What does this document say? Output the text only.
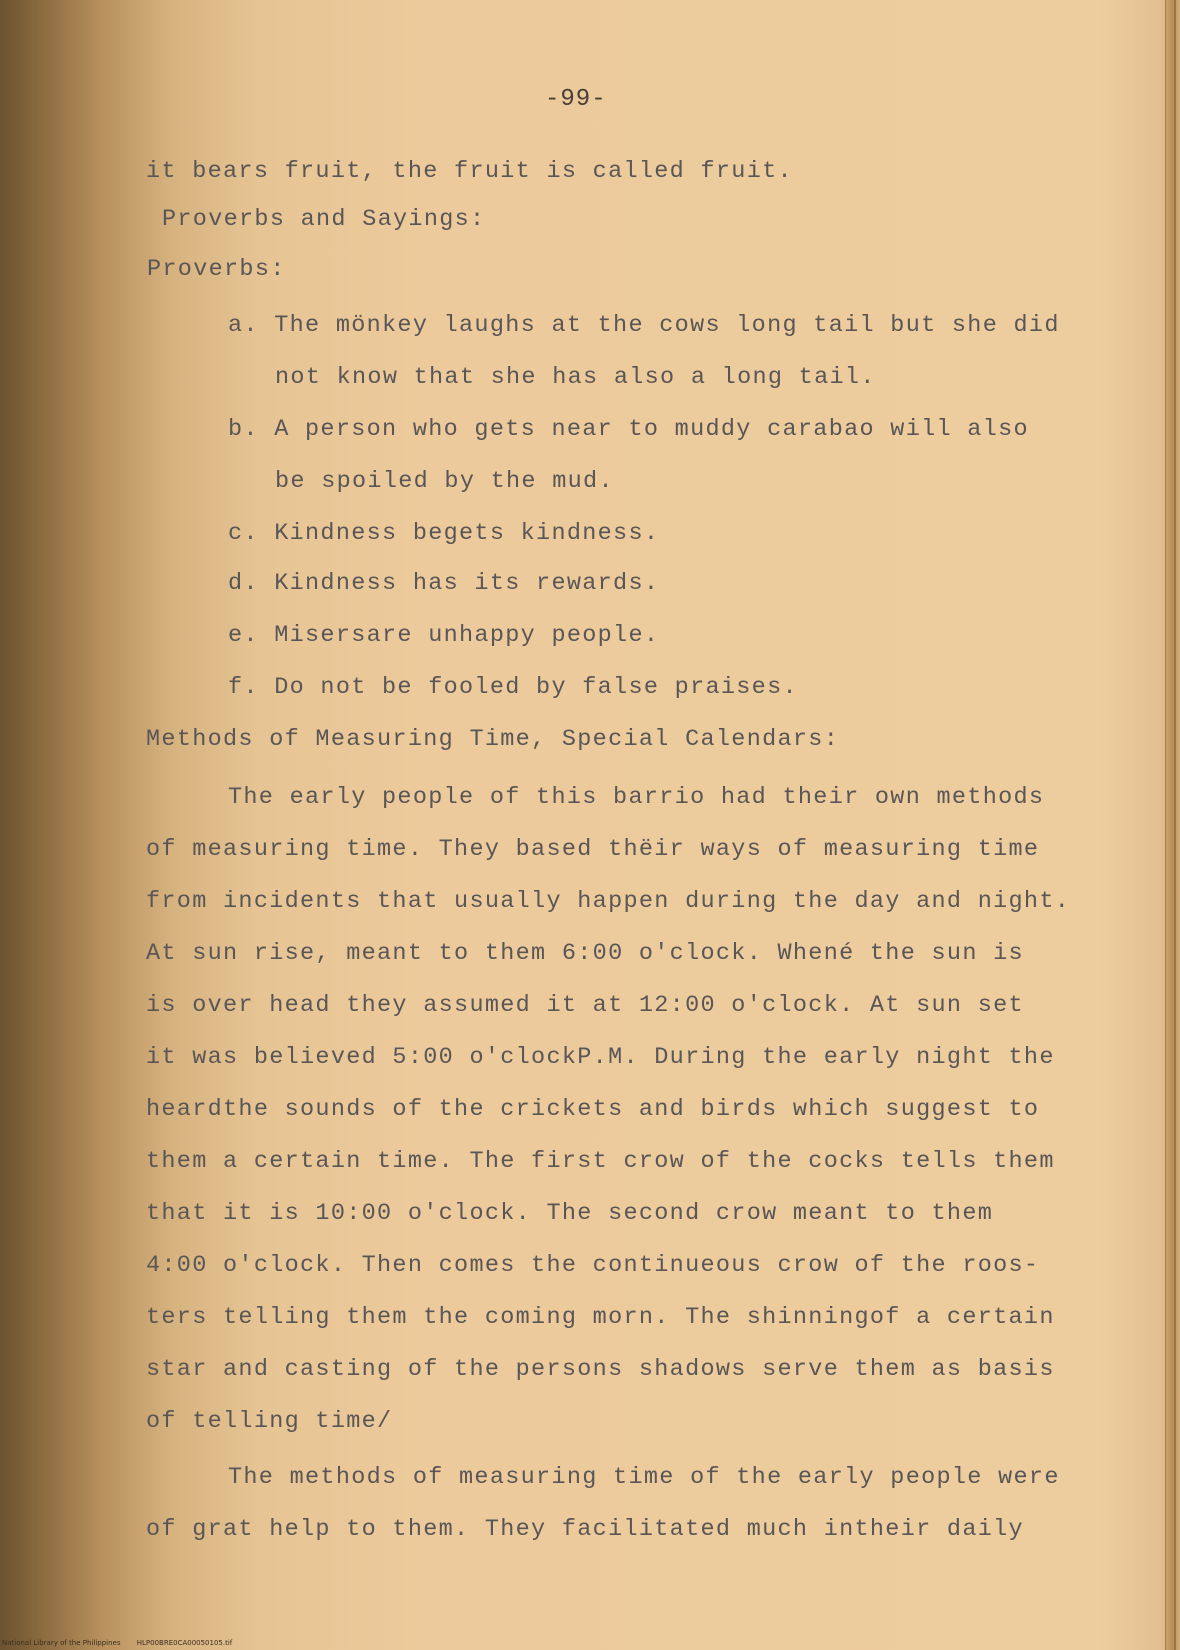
-99-
it bears fruit, the fruit is called fruit.
Proverbs and Sayings:
Proverbs:
a. The mönkey laughs at the cows long tail but she did
not know that she has also a long tail.
b. A person who gets near to muddy carabao will also
be spoiled by the mud.
c. Kindness begets kindness.
d. Kindness has its rewards.
e. Misersare unhappy people.
f. Do not be fooled by false praises.
Methods of Measuring Time, Special Calendars:
The early people of this barrio had their own methods
of measuring time. They based thëir ways of measuring time
from incidents that usually happen during the day and night.
At sun rise, meant to them 6:00 o'clock. Whené the sun is
is over head they assumed it at 12:00 o'clock. At sun set
it was believed 5:00 o'clockP.M. During the early night the
heardthe sounds of the crickets and birds which suggest to
them a certain time. The first crow of the cocks tells them
that it is 10:00 o'clock. The second crow meant to them
4:00 o'clock. Then comes the continueous crow of the roos-
ters telling them the coming morn. The shinningof a certain
star and casting of the persons shadows serve them as basis
of telling time/
The methods of measuring time of the early people were
of grat help to them. They facilitated much intheir daily
National Library of the Philippines HLP00BRE0CA00050105.tif
